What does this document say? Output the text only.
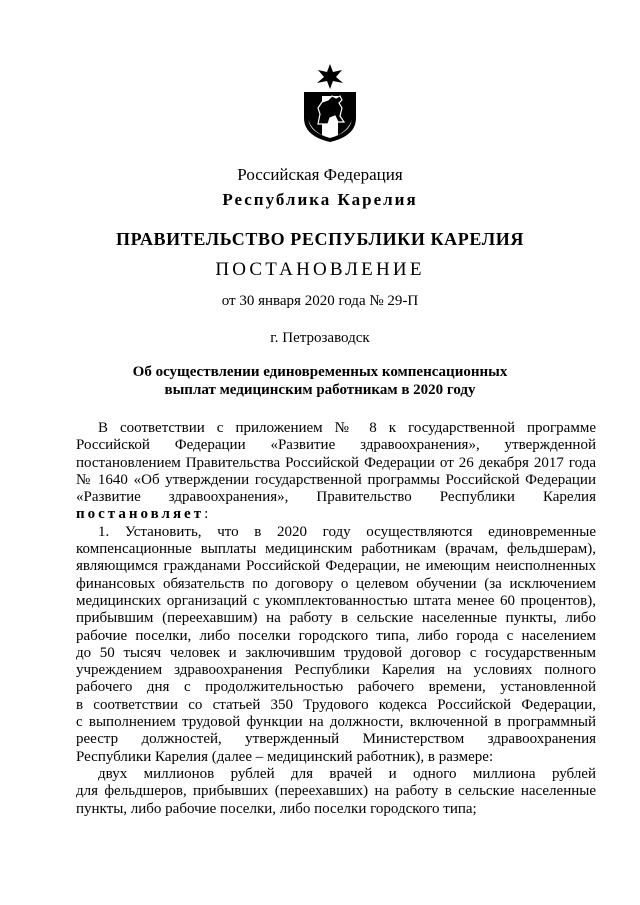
Российская Федерация
Республика Карелия
ПРАВИТЕЛЬСТВО РЕСПУБЛИКИ КАРЕЛИЯ
ПОСТАНОВЛЕНИЕ
от 30 января 2020 года № 29-П
г. Петрозаводск
Об осуществлении единовременных компенсационных
выплат медицинским работникам в 2020 году
В соответствии с приложением № 8 к государственной программе
Российской Федерации «Развитие здравоохранения», утвержденной
постановлением Правительства Российской Федерации от 26 декабря 2017 года
№ 1640 «Об утверждении государственной программы Российской Федерации
«Развитие здравоохранения», Правительство Республики Карелия
постановляет:
1. Установить, что в 2020 году осуществляются единовременные
компенсационные выплаты медицинским работникам (врачам, фельдшерам),
являющимся гражданами Российской Федерации, не имеющим неисполненных
финансовых обязательств по договору о целевом обучении (за исключением
медицинских организаций с укомплектованностью штата менее 60 процентов),
прибывшим (переехавшим) на работу в сельские населенные пункты, либо
рабочие поселки, либо поселки городского типа, либо города с населением
до 50 тысяч человек и заключившим трудовой договор с государственным
учреждением здравоохранения Республики Карелия на условиях полного
рабочего дня с продолжительностью рабочего времени, установленной
в соответствии со статьей 350 Трудового кодекса Российской Федерации,
с выполнением трудовой функции на должности, включенной в программный
реестр должностей, утвержденный Министерством здравоохранения
Республики Карелия (далее – медицинский работник), в размере:
двух миллионов рублей для врачей и одного миллиона рублей
для фельдшеров, прибывших (переехавших) на работу в сельские населенные
пункты, либо рабочие поселки, либо поселки городского типа;
